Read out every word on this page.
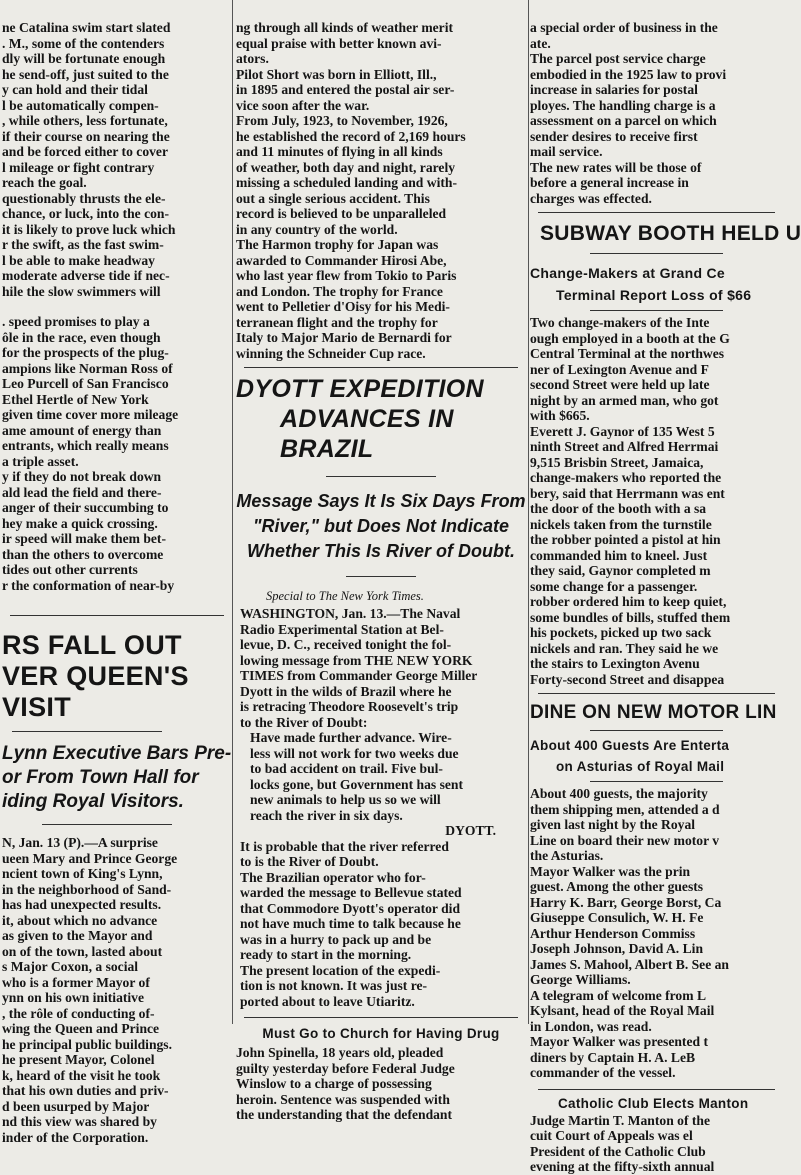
ne Catalina swim start slated

. M., some of the contenders

dly will be fortunate enough

he send-off, just suited to the

y can hold and their tidal

l be automatically compen-

, while others, less fortunate,

if their course on nearing the

and be forced either to cover

l mileage or fight contrary

reach the goal.

questionably thrusts the ele-

chance, or luck, into the con-

it is likely to prove luck which

r the swift, as the fast swim-

l be able to make headway

moderate adverse tide if nec-

hile the slow swimmers will

. speed promises to play a

ôle in the race, even though

for the prospects of the plug-

ampions like Norman Ross of

Leo Purcell of San Francisco

Ethel Hertle of New York

given time cover more mileage

ame amount of energy than

entrants, which really means

a triple asset.

y if they do not break down

ald lead the field and there-

anger of their succumbing to

hey make a quick crossing.

ir speed will make them bet-

than the others to overcome

tides out other currents

r the conformation of near-by

RS FALL OUT

VER QUEEN'S VISIT

Lynn Executive Bars Pre-

or From Town Hall for

iding Royal Visitors.

N, Jan. 13 (P).—A surprise

ueen Mary and Prince George

ncient town of King's Lynn,

in the neighborhood of Sand-

has had unexpected results.

it, about which no advance

as given to the Mayor and

on of the town, lasted about

s Major Coxon, a social

who is a former Mayor of

ynn on his own initiative

, the rôle of conducting of-

wing the Queen and Prince

he principal public buildings.

he present Mayor, Colonel

k, heard of the visit he took

that his own duties and priv-

d been usurped by Major

nd this view was shared by

inder of the Corporation.

ng through all kinds of weather merit

equal praise with better known avi-

ators.

Pilot Short was born in Elliott, Ill.,

in 1895 and entered the postal air ser-

vice soon after the war.

From July, 1923, to November, 1926,

he established the record of 2,169 hours

and 11 minutes of flying in all kinds

of weather, both day and night, rarely

missing a scheduled landing and with-

out a single serious accident. This

record is believed to be unparalleled

in any country of the world.

The Harmon trophy for Japan was

awarded to Commander Hirosi Abe,

who last year flew from Tokio to Paris

and London. The trophy for France

went to Pelletier d'Oisy for his Medi-

terranean flight and the trophy for

Italy to Major Mario de Bernardi for

winning the Schneider Cup race.

DYOTT EXPEDITION

ADVANCES IN BRAZIL

Message Says It Is Six Days From

"River," but Does Not Indicate

Whether This Is River of Doubt.

Special to The New York Times.

WASHINGTON, Jan. 13.—The Naval

Radio Experimental Station at Bel-

levue, D. C., received tonight the fol-

lowing message from THE NEW YORK

TIMES from Commander George Miller

Dyott in the wilds of Brazil where he

is retracing Theodore Roosevelt's trip

to the River of Doubt:

Have made further advance. Wire-

less will not work for two weeks due

to bad accident on trail. Five bul-

locks gone, but Government has sent

new animals to help us so we will

reach the river in six days.

DYOTT.

It is probable that the river referred

to is the River of Doubt.

The Brazilian operator who for-

warded the message to Bellevue stated

that Commodore Dyott's operator did

not have much time to talk because he

was in a hurry to pack up and be

ready to start in the morning.

The present location of the expedi-

tion is not known. It was just re-

ported about to leave Utiaritz.

Must Go to Church for Having Drug

John Spinella, 18 years old, pleaded

guilty yesterday before Federal Judge

Winslow to a charge of possessing

heroin. Sentence was suspended with

the understanding that the defendant

a special order of business in the

ate.

The parcel post service charge

embodied in the 1925 law to provi

increase in salaries for postal

ployes. The handling charge is a

assessment on a parcel on which

sender desires to receive first

mail service.

The new rates will be those of

before a general increase in

charges was effected.

SUBWAY BOOTH HELD U

Change-Makers at Grand Ce

Terminal Report Loss of $66

Two change-makers of the Inte

ough employed in a booth at the G

Central Terminal at the northwes

ner of Lexington Avenue and F

second Street were held up late

night by an armed man, who got

with $665.

Everett J. Gaynor of 135 West 5

ninth Street and Alfred Herrmai

9,515 Brisbin Street, Jamaica,

change-makers who reported the

bery, said that Herrmann was ent

the door of the booth with a sa

nickels taken from the turnstile

the robber pointed a pistol at hin

commanded him to kneel. Just

they said, Gaynor completed m

some change for a passenger.

robber ordered him to keep quiet,

some bundles of bills, stuffed them

his pockets, picked up two sack

nickels and ran. They said he we

the stairs to Lexington Avenu

Forty-second Street and disappea

DINE ON NEW MOTOR LIN

About 400 Guests Are Enterta

on Asturias of Royal Mail

About 400 guests, the majority

them shipping men, attended a d

given last night by the Royal

Line on board their new motor v

the Asturias.

Mayor Walker was the prin

guest. Among the other guests

Harry K. Barr, George Borst, Ca

Giuseppe Consulich, W. H. Fe

Arthur Henderson Commiss

Joseph Johnson, David A. Lin

James S. Mahool, Albert B. See an

George Williams.

A telegram of welcome from L

Kylsant, head of the Royal Mail

in London, was read.

Mayor Walker was presented t

diners by Captain H. A. LeB

commander of the vessel.

Catholic Club Elects Manton

Judge Martin T. Manton of the

cuit Court of Appeals was el

President of the Catholic Club

evening at the fifty-sixth annual
